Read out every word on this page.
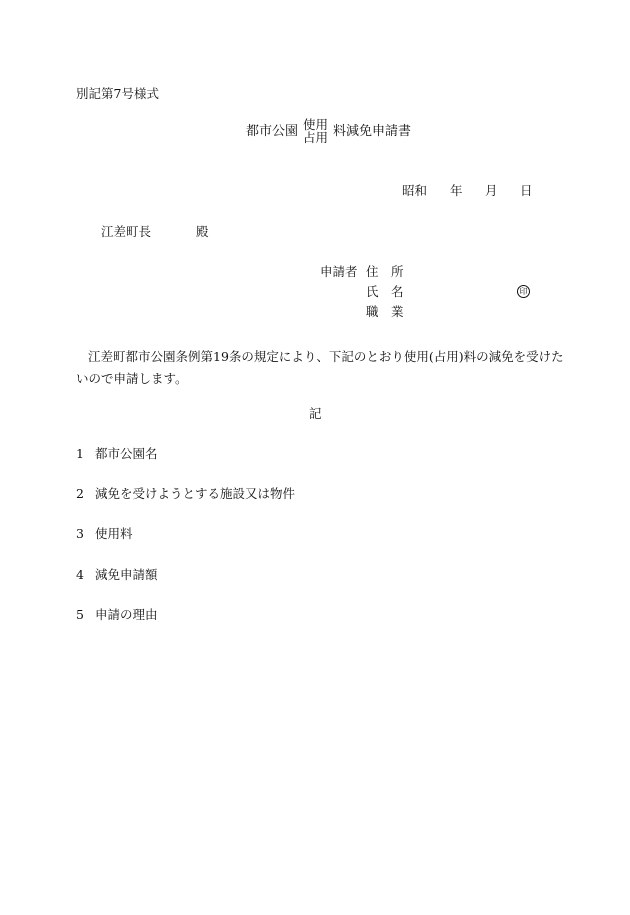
別記第7号様式
都市公園 使用
占用 料減免申請書
昭和 年 月 日
江差町長	殿
申請者 住　所
氏　名	印
職　業
江差町都市公園条例第19条の規定により、下記のとおり使用(占用)料の減免を受けたいので申請します。
記
1 都市公園名
2 減免を受けようとする施設又は物件
3 使用料
4 減免申請額
5 申請の理由
